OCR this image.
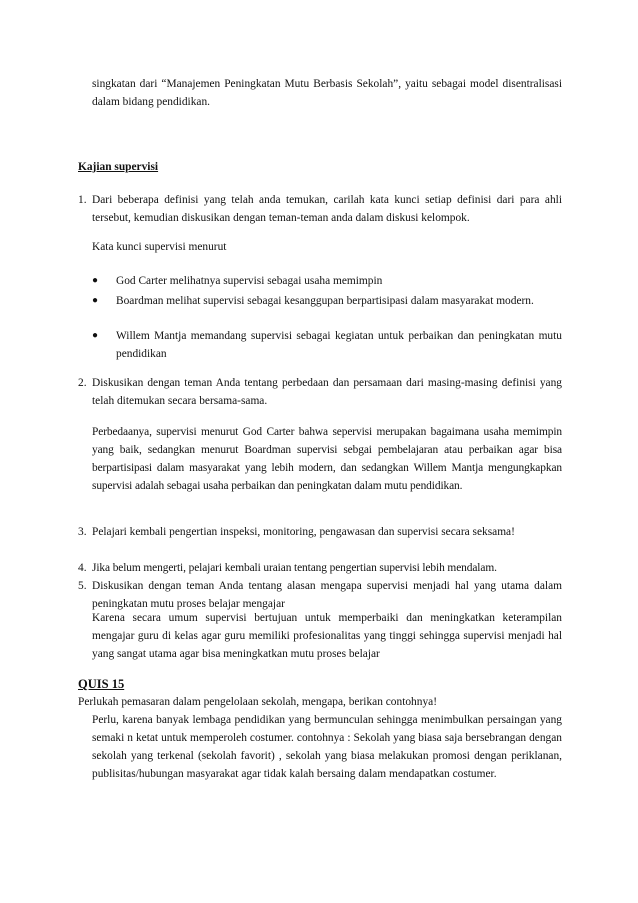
singkatan dari “Manajemen Peningkatan Mutu Berbasis Sekolah”, yaitu sebagai model disentralisasi dalam bidang pendidikan.
Kajian supervisi
1. Dari beberapa definisi yang telah anda temukan, carilah kata kunci setiap definisi dari para ahli tersebut, kemudian diskusikan dengan teman-teman anda dalam diskusi kelompok.
Kata kunci supervisi menurut
● God Carter melihatnya supervisi sebagai usaha memimpin
● Boardman melihat supervisi sebagai kesanggupan berpartisipasi dalam masyarakat modern.
● Willem Mantja memandang supervisi sebagai kegiatan untuk perbaikan dan peningkatan mutu pendidikan
2. Diskusikan dengan teman Anda tentang perbedaan dan persamaan dari masing-masing definisi yang telah ditemukan secara bersama-sama.
Perbedaanya, supervisi menurut God Carter bahwa sepervisi merupakan bagaimana usaha memimpin yang baik, sedangkan menurut Boardman supervisi sebgai pembelajaran atau perbaikan agar bisa berpartisipasi dalam masyarakat yang lebih modern, dan sedangkan Willem Mantja mengungkapkan supervisi adalah sebagai usaha perbaikan dan peningkatan dalam mutu pendidikan.
3. Pelajari kembali pengertian inspeksi, monitoring, pengawasan dan supervisi secara seksama!
4. Jika belum mengerti, pelajari kembali uraian tentang pengertian supervisi lebih mendalam.
5. Diskusikan dengan teman Anda tentang alasan mengapa supervisi menjadi hal yang utama dalam peningkatan mutu proses belajar mengajar
Karena secara umum supervisi bertujuan untuk memperbaiki dan meningkatkan keterampilan mengajar guru di kelas agar guru memiliki profesionalitas yang tinggi sehingga supervisi menjadi hal yang sangat utama agar bisa meningkatkan mutu proses belajar
QUIS 15
Perlukah pemasaran dalam pengelolaan sekolah, mengapa, berikan contohnya!
Perlu, karena banyak lembaga pendidikan yang bermunculan sehingga menimbulkan persaingan yang semaki n ketat untuk memperoleh costumer. contohnya : Sekolah yang biasa saja bersebrangan dengan sekolah yang terkenal (sekolah favorit) , sekolah yang biasa melakukan promosi dengan periklanan, publisitas/hubungan masyarakat agar tidak kalah bersaing dalam mendapatkan costumer.
